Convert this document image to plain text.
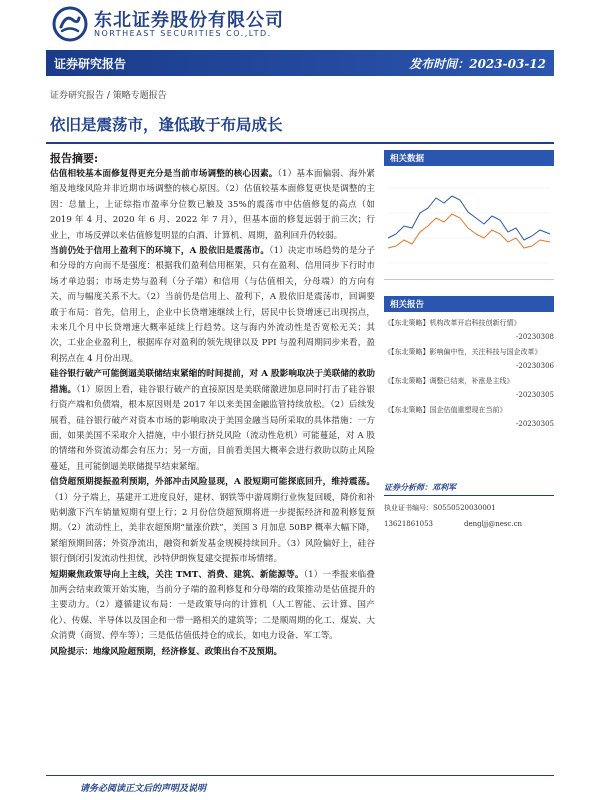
东北证券股份有限公司
NORTHEAST SECURITIES CO.,LTD.
证券研究报告	发布时间：2023-03-12
证券研究报告 / 策略专题报告
依旧是震荡市，逢低敢于布局成长
报告摘要:

估值相较基本面修复得更充分是当前市场调整的核心因素。（1）基本面偏弱、海外紧缩及地缘风险并非近期市场调整的核心原因。（2）估值较基本面修复更快是调整的主因：总量上，上证综指市盈率分位数已触及 35%的震荡市中估值修复的高点（如 2019 年 4 月、2020 年 6 月、2022 年 7 月），但基本面的修复远弱于前三次；行业上，市场反弹以来估值修复明显的白酒、计算机、周期，盈利回升仍较弱。

当前仍处于信用上盈利下的环境下，A 股依旧是震荡市。（1）决定市场趋势的是分子和分母的方向而不是强度：根据我们盈利信用框架，只有在盈利、信用同步下行时市场才单边弱；市场走势与盈利（分子端）和信用（与估值相关，分母端）的方向有关，而与幅度关系不大。（2）当前仍是信用上、盈利下，A 股依旧是震荡市，回调要敢于布局：首先，信用上，企业中长贷增速继续上行，居民中长贷增速已出现拐点，未来几个月中长贷增速大概率延续上行趋势。这与海内外流动性是否宽松无关；其次，工业企业盈利上，根据库存对盈利的领先规律以及 PPI 与盈利周期同步来看，盈利拐点在 4 月份出现。

硅谷银行破产可能倒逼美联储结束紧缩的时间提前，对 A 股影响取决于美联储的救助措施。（1）原因上看，硅谷银行破产的直接原因是美联储激进加息同时打击了硅谷银行资产端和负债端，根本原因则是 2017 年以来美国金融监管持续放松。（2）后续发展看，硅谷银行破产对资本市场的影响取决于美国金融当局所采取的具体措施：一方面，如果美国不采取介入措施，中小银行挤兑风险（流动性危机）可能蔓延，对 A 股的情绪和外资流动都会有压力；另一方面，目前看美国大概率会进行救助以防止风险蔓延，且可能倒逼美联储提早结束紧缩。

信贷超预期提振盈利预期，外部冲击风险显现，A 股短期可能探底回升，维持震荡。（1）分子端上，基建开工进度良好，建材、钢铁等中游周期行业恢复回暖，降价和补贴刺激下汽车销量短期有望上行；2 月份信贷超预期将进一步提振经济和盈利修复预期。（2）流动性上，美非农超预期“量涨价跌”，美国 3 月加息 50BP 概率大幅下降，紧缩预期回落；外资净流出，融资和新发基金规模持续回升。（3）风险偏好上，硅谷银行倒闭引发流动性担忧，沙特伊朗恢复建交提振市场情绪。

短期聚焦政策导向上主线，关注 TMT、消费、建筑、新能源等。（1）一季报来临叠加两会结束政策开始实施，当前分子端的盈利修复和分母端的政策推动是估值提升的主要动力。（2）遵循建议布局：一是政策导向的计算机（人工智能、云计算、国产化）、传媒、半导体以及国企和一带一路相关的建筑等；二是顺周期的化工、煤炭、大众消费（商贸、停车等）；三是低估值低持仓的成长，如电力设备、军工等。

风险提示：地缘风险超预期，经济修复、政策出台不及预期。

相关数据
相关报告
《【东北策略】机构改革开启科技创新行情》
-20230308
《【东北策略】影响偏中性，关注科技与国企改革》
-20230306
《【东北策略】调整已结束，补涨是主线》
-20230305
《【东北策略】国企估值重塑现在当前》
-20230305
证券分析师：邓利军
执业证书编号：S0550520030001
13621861053	dengljj@nesc.cn
请务必阅读正文后的声明及说明
